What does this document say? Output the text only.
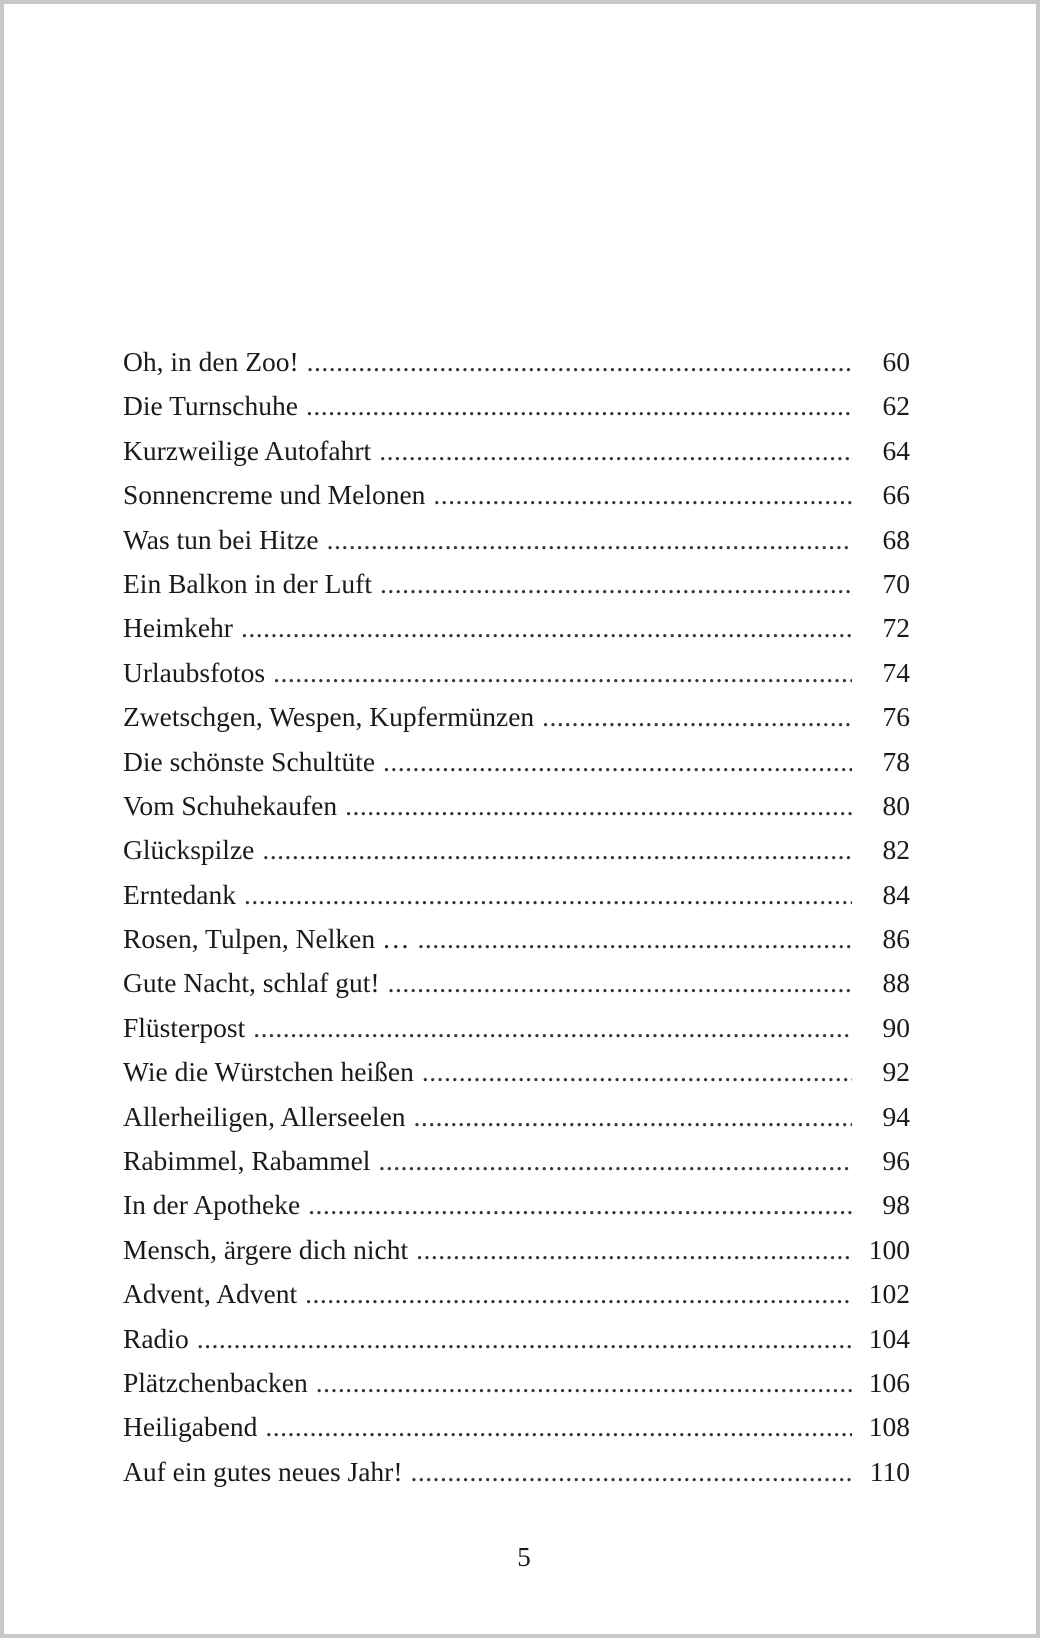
Oh, in den Zoo! .....	60
Die Turnschuhe .....	62
Kurzweilige Autofahrt .....	64
Sonnencreme und Melonen .....	66
Was tun bei Hitze .....	68
Ein Balkon in der Luft .....	70
Heimkehr .....	72
Urlaubsfotos .....	74
Zwetschgen, Wespen, Kupfermünzen .....	76
Die schönste Schultüte .....	78
Vom Schuhekaufen .....	80
Glückspilze .....	82
Erntedank .....	84
Rosen, Tulpen, Nelken … .....	86
Gute Nacht, schlaf gut! .....	88
Flüsterpost .....	90
Wie die Würstchen heißen .....	92
Allerheiligen, Allerseelen .....	94
Rabimmel, Rabammel .....	96
In der Apotheke .....	98
Mensch, ärgere dich nicht .....	100
Advent, Advent .....	102
Radio .....	104
Plätzchenbacken .....	106
Heiligabend .....	108
Auf ein gutes neues Jahr! .....	110
5
